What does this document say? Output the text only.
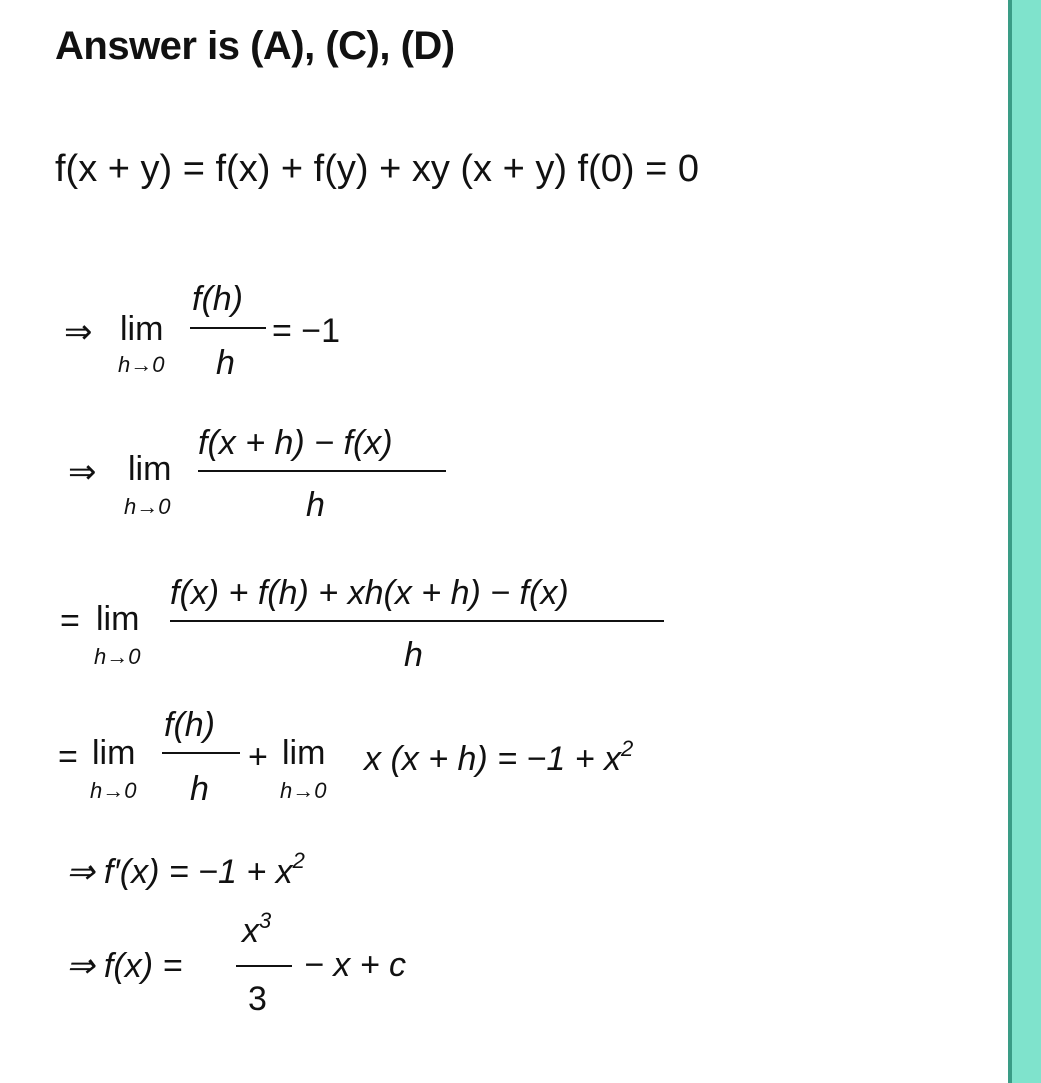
Answer is (A), (C), (D)
f(x + y) = f(x) + f(y) + xy (x + y) f(0) = 0
⇒ lim
h→0
f(h)
h
= −1
⇒ lim
h→0
f(x + h) − f(x)
h
= lim
h→0
f(x) + f(h) + xh(x + h) − f(x)
h
= lim
h→0
f(h)
h
+ lim
h→0
x $(x + h) = -1 + x^2$
⇒ $f'(x) = -1 + x^2$
⇒ f(x) =
$x^3$
3
− x + c
